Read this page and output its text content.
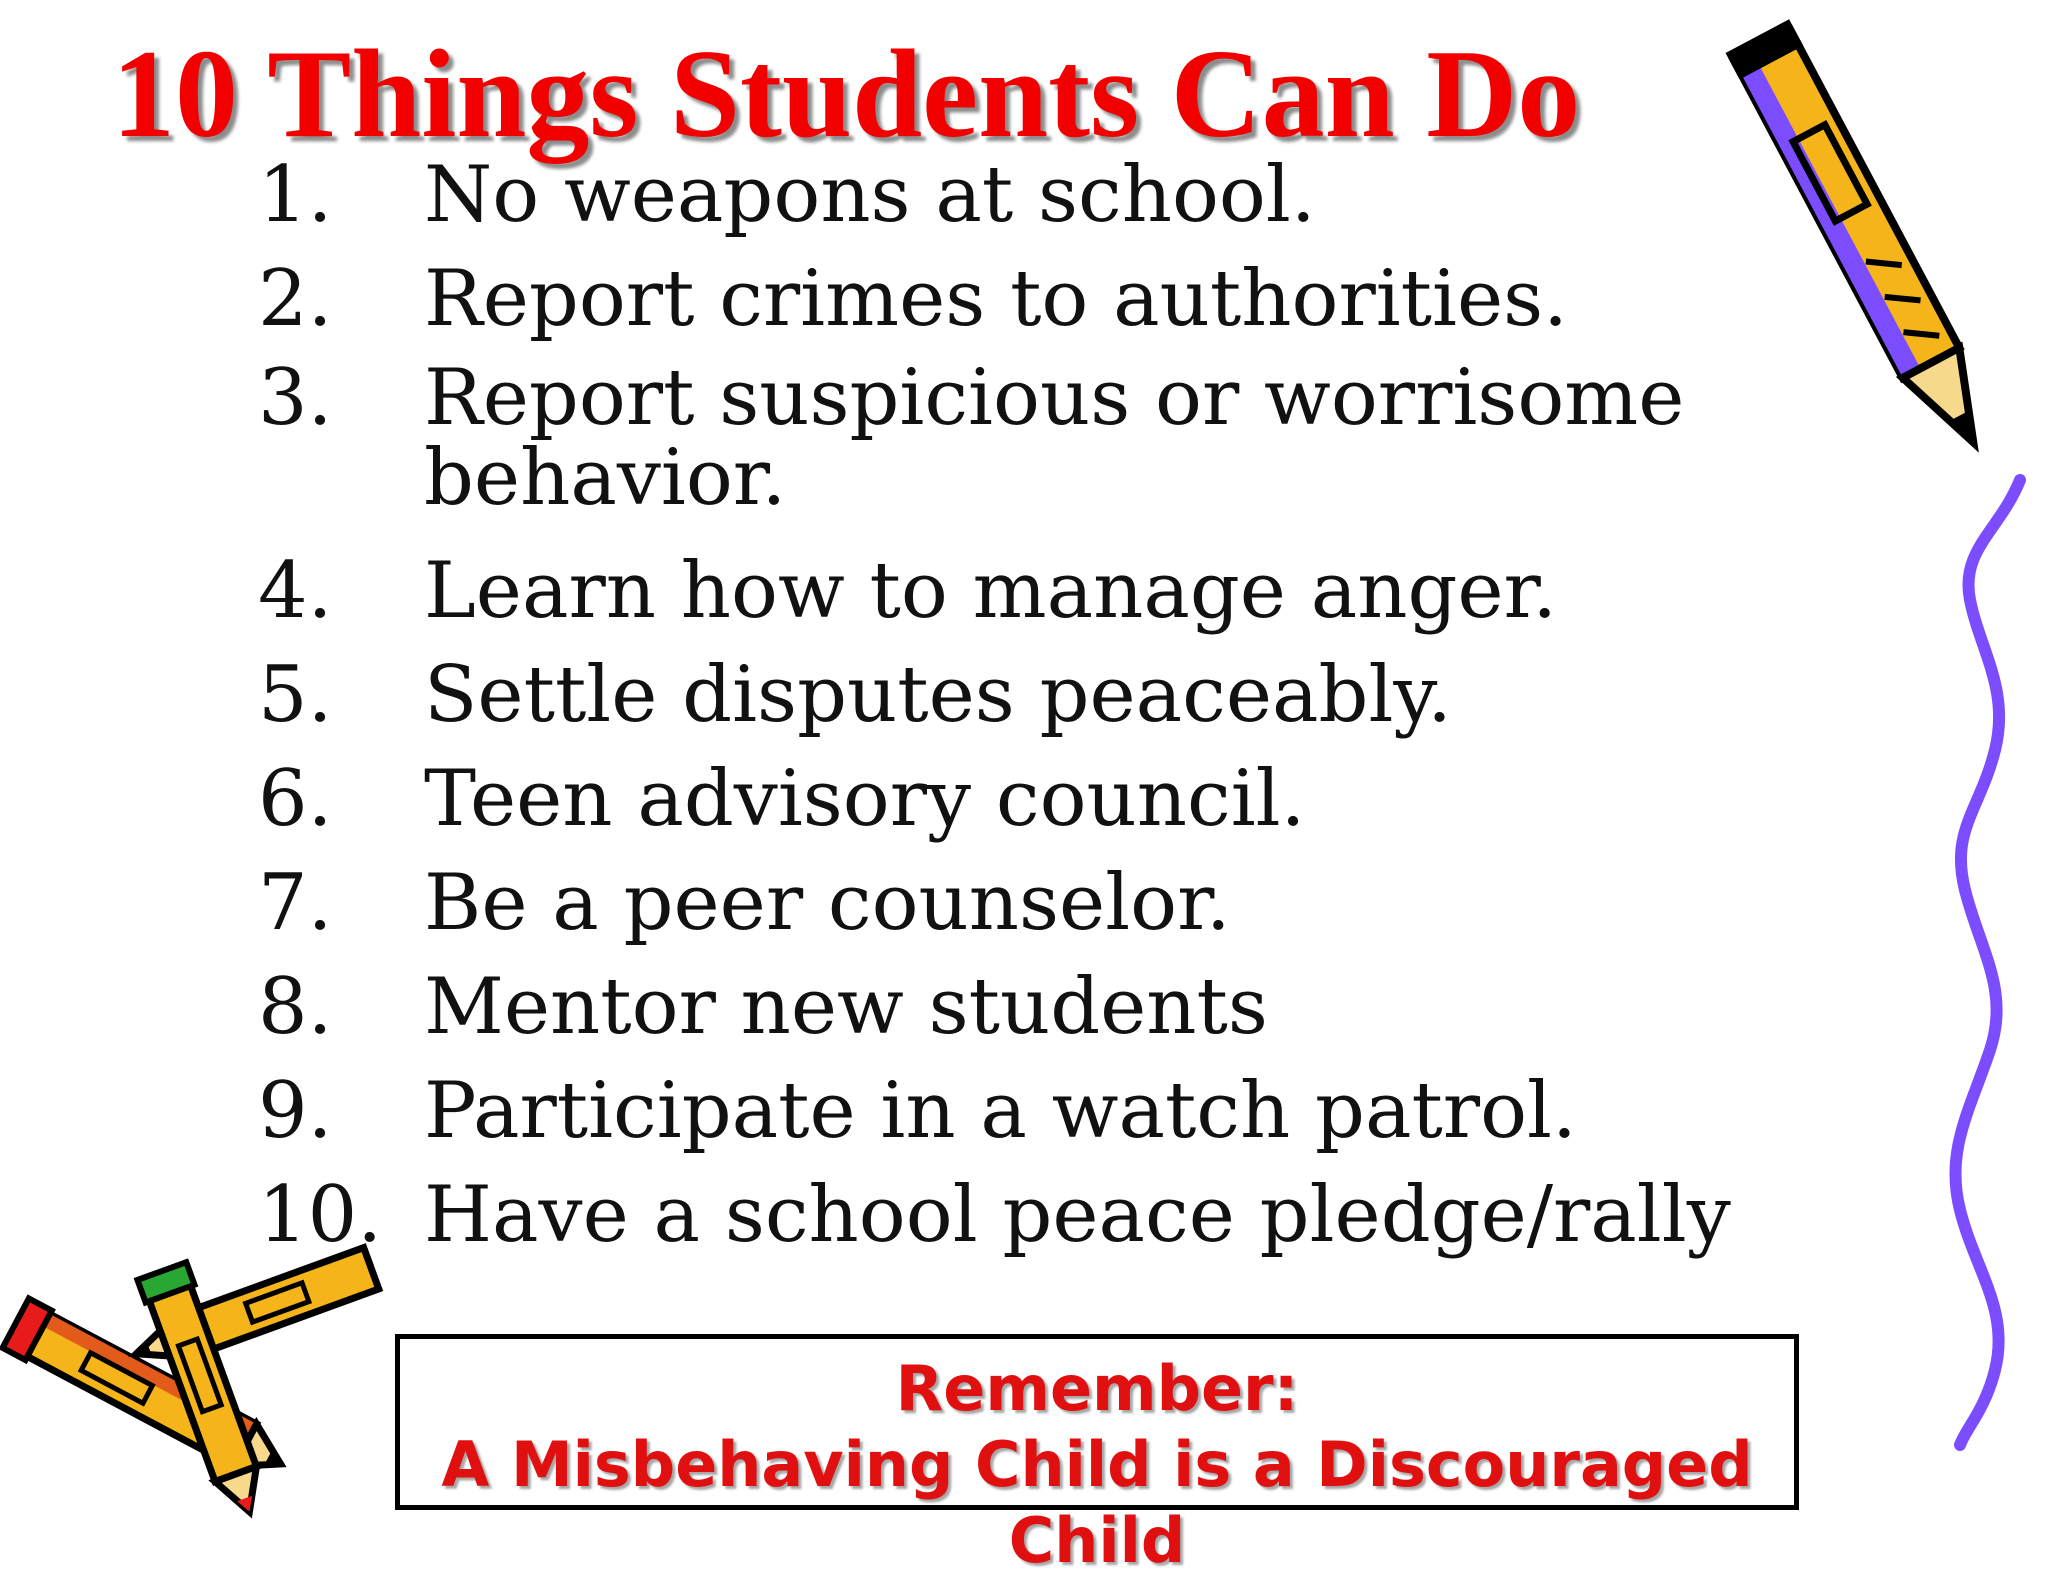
10 Things Students Can Do
1.	No weapons at school.
2.	Report crimes to authorities.
3.	Report suspicious or worrisome behavior.
4.	Learn how to manage anger.
5.	Settle disputes peaceably.
6.	Teen advisory council.
7.	Be a peer counselor.
8.	Mentor new students
9.	Participate in a watch patrol.
10. Have a school peace pledge/rally
Remember:
A Misbehaving Child is a Discouraged Child
